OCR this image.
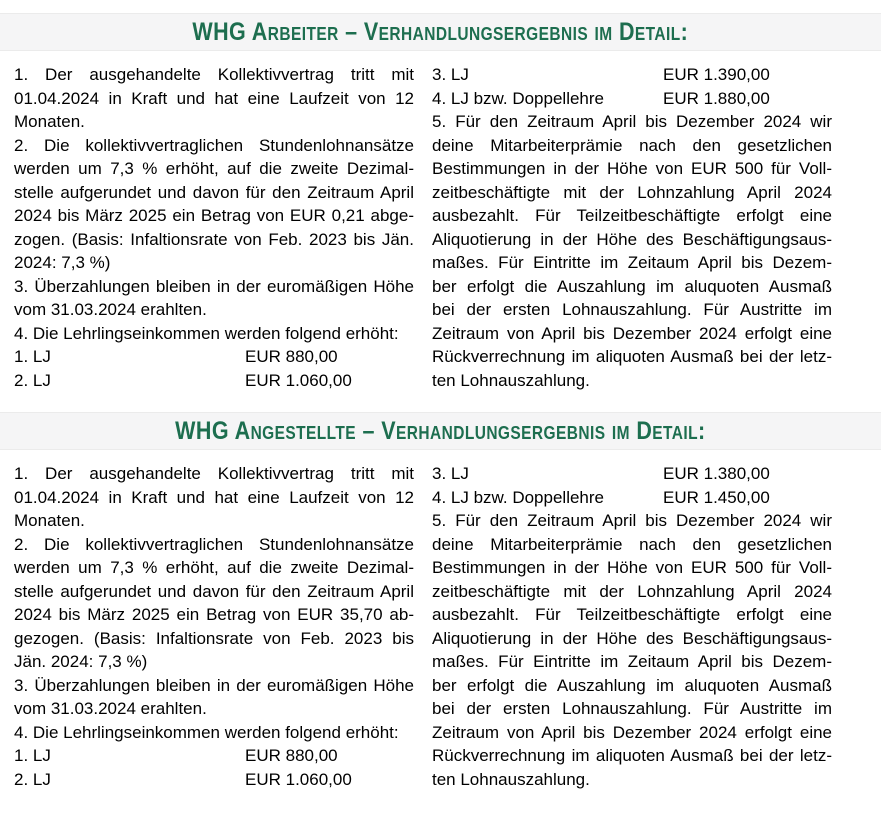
WHG Arbeiter – Verhandlungsergebnis im Detail:
1. Der ausgehandelte Kollektivvertrag tritt mit
01.04.2024 in Kraft und hat eine Laufzeit von 12
Monaten.
2. Die kollektivvertraglichen Stundenlohnansätze
werden um 7,3 % erhöht, auf die zweite Dezimal-
stelle aufgerundet und davon für den Zeitraum April
2024 bis März 2025 ein Betrag von EUR 0,21 abge-
zogen. (Basis: Infaltionsrate von Feb. 2023 bis Jän.
2024: 7,3 %)
3. Überzahlungen bleiben in der euromäßigen Höhe
vom 31.03.2024 erahlten.
4. Die Lehrlingseinkommen werden folgend erhöht:
1. LJ	EUR 880,00
2. LJ	EUR 1.060,00
3. LJ	EUR 1.390,00
4. LJ bzw. Doppellehre	EUR 1.880,00
5. Für den Zeitraum April bis Dezember 2024 wir
deine Mitarbeiterprämie nach den gesetzlichen
Bestimmungen in der Höhe von EUR 500 für Voll-
zeitbeschäftigte mit der Lohnzahlung April 2024
ausbezahlt. Für Teilzeitbeschäftigte erfolgt eine
Aliquotierung in der Höhe des Beschäftigungsaus-
maßes. Für Eintritte im Zeitaum April bis Dezem-
ber erfolgt die Auszahlung im aluquoten Ausmaß
bei der ersten Lohnauszahlung. Für Austritte im
Zeitraum von April bis Dezember 2024 erfolgt eine
Rückverrechnung im aliquoten Ausmaß bei der letz-
ten Lohnauszahlung.
WHG Angestellte – Verhandlungsergebnis im Detail:
1. Der ausgehandelte Kollektivvertrag tritt mit
01.04.2024 in Kraft und hat eine Laufzeit von 12
Monaten.
2. Die kollektivvertraglichen Stundenlohnansätze
werden um 7,3 % erhöht, auf die zweite Dezimal-
stelle aufgerundet und davon für den Zeitraum April
2024 bis März 2025 ein Betrag von EUR 35,70 ab-
gezogen. (Basis: Infaltionsrate von Feb. 2023 bis
Jän. 2024: 7,3 %)
3. Überzahlungen bleiben in der euromäßigen Höhe
vom 31.03.2024 erahlten.
4. Die Lehrlingseinkommen werden folgend erhöht:
1. LJ	EUR 880,00
2. LJ	EUR 1.060,00
3. LJ	EUR 1.380,00
4. LJ bzw. Doppellehre	EUR 1.450,00
5. Für den Zeitraum April bis Dezember 2024 wir
deine Mitarbeiterprämie nach den gesetzlichen
Bestimmungen in der Höhe von EUR 500 für Voll-
zeitbeschäftigte mit der Lohnzahlung April 2024
ausbezahlt. Für Teilzeitbeschäftigte erfolgt eine
Aliquotierung in der Höhe des Beschäftigungsaus-
maßes. Für Eintritte im Zeitaum April bis Dezem-
ber erfolgt die Auszahlung im aluquoten Ausmaß
bei der ersten Lohnauszahlung. Für Austritte im
Zeitraum von April bis Dezember 2024 erfolgt eine
Rückverrechnung im aliquoten Ausmaß bei der letz-
ten Lohnauszahlung.
